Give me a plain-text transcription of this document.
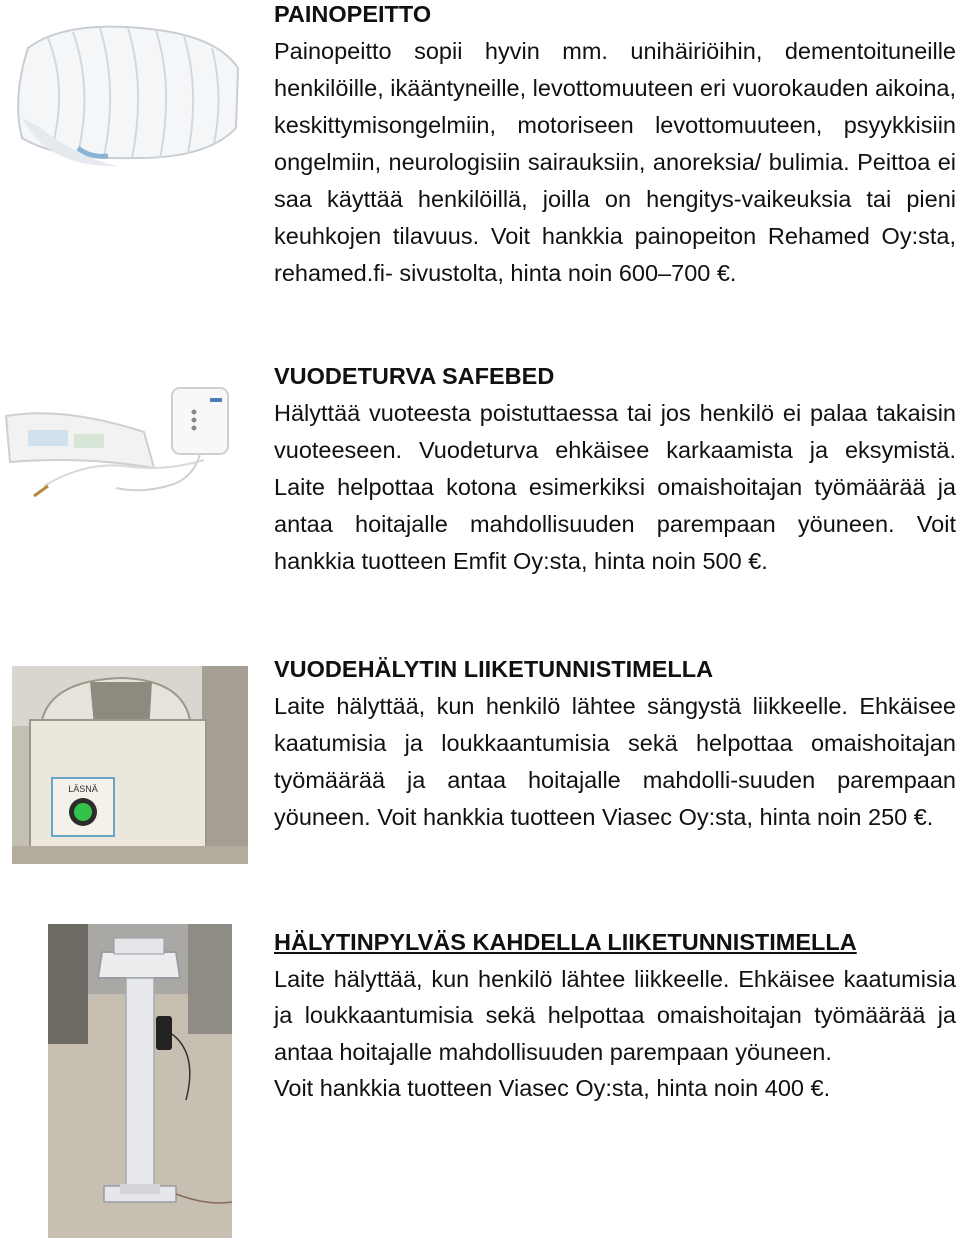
PAINOPEITTO
Painopeitto sopii hyvin mm. unihäiriöihin, dementoituneille henkilöille, ikääntyneille, levottomuuteen eri vuorokauden aikoina, keskittymisongelmiin, motoriseen levottomuuteen, psyykkisiin ongelmiin, neurologisiin sairauksiin, anoreksia/ bulimia. Peittoa ei saa käyttää henkilöillä, joilla on hengitys-vaikeuksia tai pieni keuhkojen tilavuus. Voit hankkia painopeiton Rehamed Oy:sta, rehamed.fi- sivustolta, hinta noin 600–700 €.
VUODETURVA SAFEBED
Hälyttää vuoteesta poistuttaessa tai jos henkilö ei palaa takaisin vuoteeseen. Vuodeturva ehkäisee karkaamista ja eksymistä. Laite helpottaa kotona esimerkiksi omaishoitajan työmäärää ja antaa hoitajalle mahdollisuuden parempaan yöuneen. Voit hankkia tuotteen Emfit Oy:sta, hinta noin 500 €.
LÄSNÄ
VUODEHÄLYTIN LIIKETUNNISTIMELLA
Laite hälyttää, kun henkilö lähtee sängystä liikkeelle. Ehkäisee kaatumisia ja loukkaantumisia sekä helpottaa omaishoitajan työmäärää ja antaa hoitajalle mahdolli-suuden parempaan yöuneen. Voit hankkia tuotteen Viasec Oy:sta, hinta noin 250 €.
HÄLYTINPYLVÄS KAHDELLA LIIKETUNNISTIMELLA
Laite hälyttää, kun henkilö lähtee liikkeelle. Ehkäisee kaatumisia ja loukkaantumisia sekä helpottaa omaishoitajan työmäärää ja antaa hoitajalle mahdollisuuden parempaan yöuneen.
Voit hankkia tuotteen Viasec Oy:sta, hinta noin 400 €.
